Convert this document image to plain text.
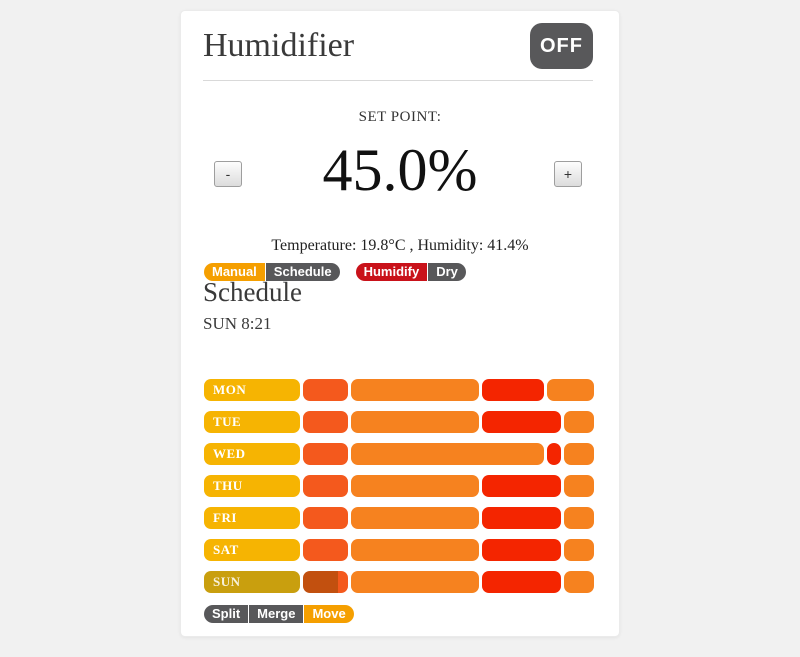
Humidifier	OFF
SET POINT:
-	45.0%	+
Temperature: 19.8°C , Humidity: 41.4%
Manual	Schedule	Humidify	Dry
Schedule
SUN 8:21
MON
TUE
WED
THU
FRI
SAT
SUN
Split	Merge	Move
